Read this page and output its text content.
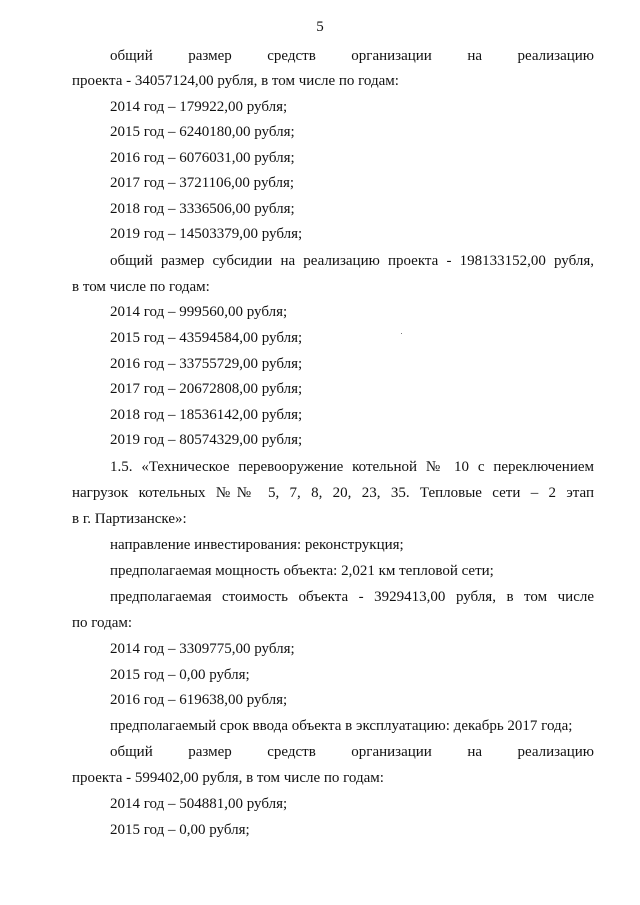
5
общий размер средств организации на реализацию
проекта - 34057124,00 рубля, в том числе по годам:
2014 год – 179922,00 рубля;
2015 год – 6240180,00 рубля;
2016 год – 6076031,00 рубля;
2017 год – 3721106,00 рубля;
2018 год – 3336506,00 рубля;
2019 год – 14503379,00 рубля;
общий размер субсидии на реализацию проекта - 198133152,00 рубля,
в том числе по годам:
2014 год – 999560,00 рубля;
2015 год – 43594584,00 рубля;
2016 год – 33755729,00 рубля;
2017 год – 20672808,00 рубля;
2018 год – 18536142,00 рубля;
2019 год – 80574329,00 рубля;
1.5. «Техническое перевооружение котельной № 10 с переключением
нагрузок котельных №№ 5, 7, 8, 20, 23, 35. Тепловые сети – 2 этап
в г. Партизанске»:
направление инвестирования: реконструкция;
предполагаемая мощность объекта: 2,021 км тепловой сети;
предполагаемая стоимость объекта - 3929413,00 рубля, в том числе
по годам:
2014 год – 3309775,00 рубля;
2015 год – 0,00 рубля;
2016 год – 619638,00 рубля;
предполагаемый срок ввода объекта в эксплуатацию: декабрь 2017 года;
общий размер средств организации на реализацию
проекта - 599402,00 рубля, в том числе по годам:
2014 год – 504881,00 рубля;
2015 год – 0,00 рубля;
